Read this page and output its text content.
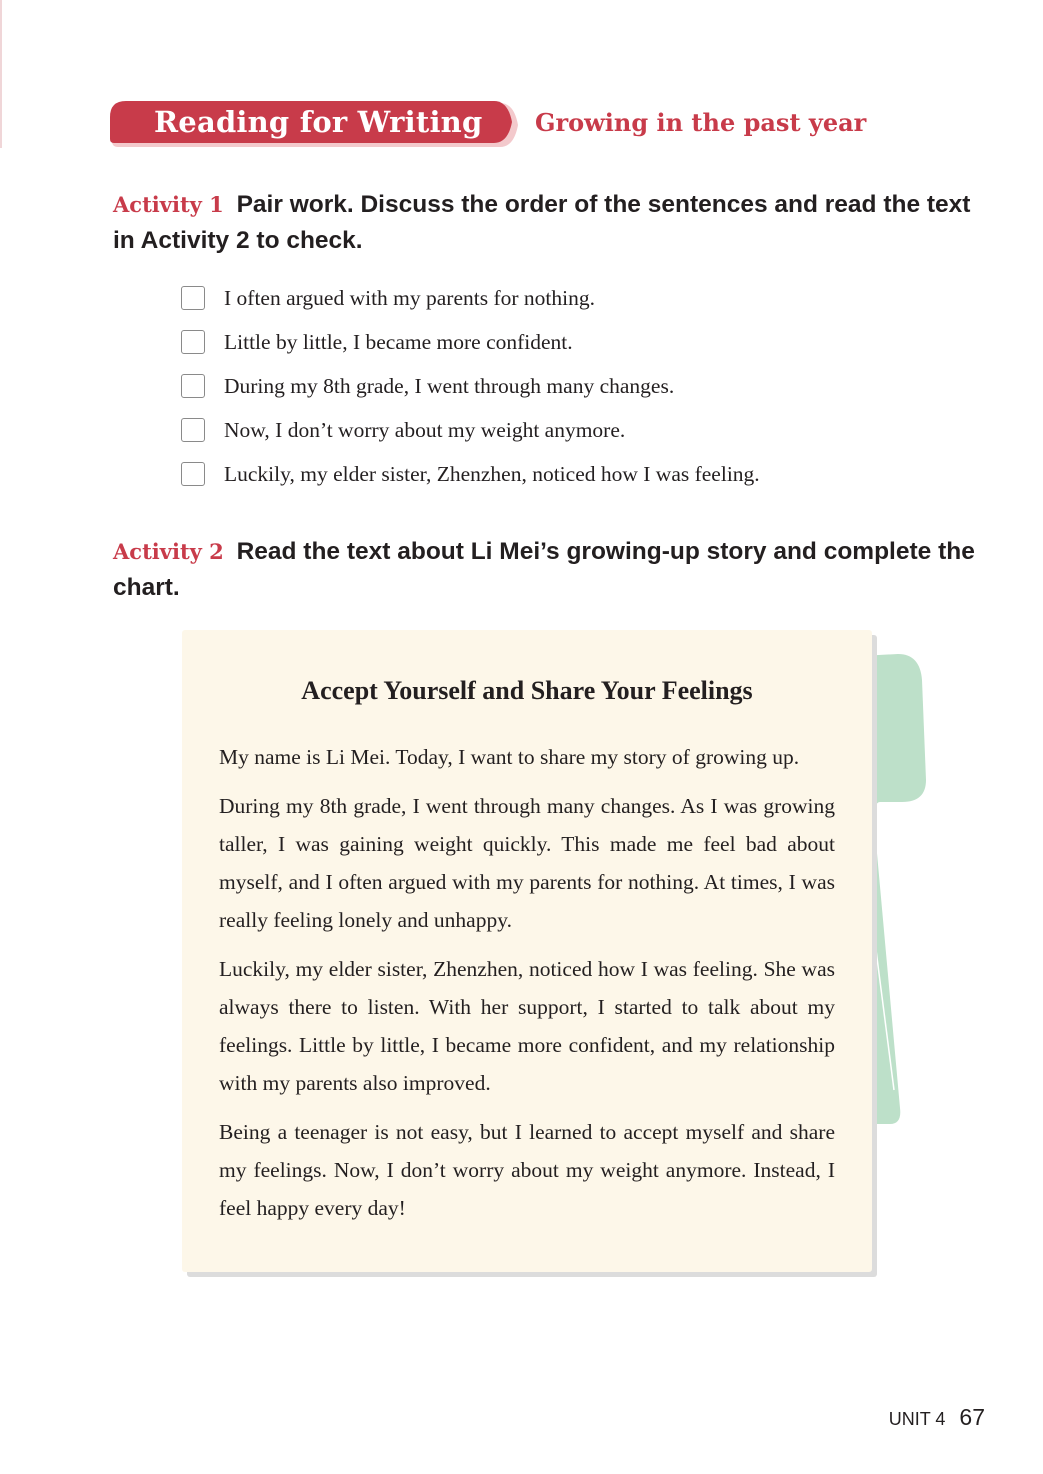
Reading for Writing Growing in the past year
Activity 1 Pair work. Discuss the order of the sentences and read the text in Activity 2 to check.
I often argued with my parents for nothing.
Little by little, I became more confident.
During my 8th grade, I went through many changes.
Now, I don’t worry about my weight anymore.
Luckily, my elder sister, Zhenzhen, noticed how I was feeling.
Activity 2 Read the text about Li Mei’s growing-up story and complete the chart.
Accept Yourself and Share Your Feelings

My name is Li Mei. Today, I want to share my story of growing up.

During my 8th grade, I went through many changes. As I was growing taller, I was gaining weight quickly. This made me feel bad about myself, and I often argued with my parents for nothing. At times, I was really feeling lonely and unhappy.

Luckily, my elder sister, Zhenzhen, noticed how I was feeling. She was always there to listen. With her support, I started to talk about my feelings. Little by little, I became more confident, and my relationship with my parents also improved.

Being a teenager is not easy, but I learned to accept myself and share my feelings. Now, I don’t worry about my weight anymore. Instead, I feel happy every day!

UNIT 4 67
